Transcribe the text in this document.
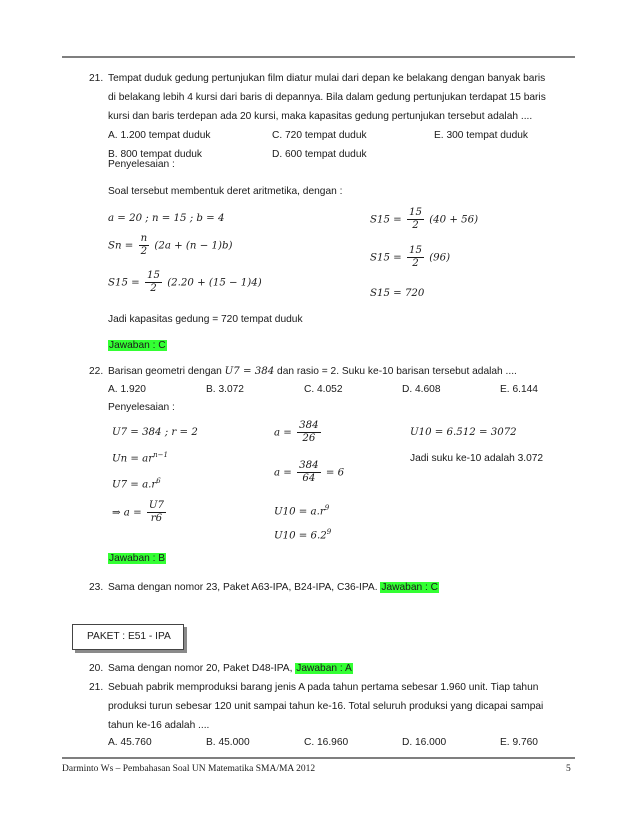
21. Tempat duduk gedung pertunjukan film diatur mulai dari depan ke belakang dengan banyak baris
di belakang lebih 4 kursi dari baris di depannya. Bila dalam gedung pertunjukan terdapat 15 baris
kursi dan baris terdepan ada 20 kursi, maka kapasitas gedung pertunjukan tersebut adalah ....
A. 1.200 tempat duduk	C. 720 tempat duduk	E. 300 tempat duduk
B. 800 tempat duduk	D. 600 tempat duduk
Penyelesaian :
Soal tersebut membentuk deret aritmetika, dengan :
a = 20 ; n = 15 ; b = 4
$Sn = \frac{n}{2} (2a + (n - 1)b)$
$S15 = \frac{15}{2} (2.20 + (15 - 1)4)$
$S15 = \frac{15}{2} (40 + 56)$
$S15 = \frac{15}{2} (96)$
S15 = 720
Jadi kapasitas gedung = 720 tempat duduk
Jawaban : C
22. Barisan geometri dengan U7 = 384 dan rasio = 2. Suku ke-10 barisan tersebut adalah ....
A. 1.920	B. 3.072	C. 4.052	D. 4.608	E. 6.144
Penyelesaian :
U7 = 384 ; r = 2
$Un = ar^{n-1}$
$U7 = a.r^6$
⇒ $a = \frac{U7}{r6}$
$a = \frac{384}{26}$
$a = \frac{384}{64} = 6$
$U10 = a.r^9$
$U10 = 6.2^9$
U10 = 6.512 = 3072
Jadi suku ke-10 adalah 3.072
Jawaban : B
23. Sama dengan nomor 23, Paket A63-IPA, B24-IPA, C36-IPA. Jawaban : C
PAKET : E51 - IPA
20. Sama dengan nomor 20, Paket D48-IPA, Jawaban : A
21. Sebuah pabrik memproduksi barang jenis A pada tahun pertama sebesar 1.960 unit. Tiap tahun
produksi turun sebesar 120 unit sampai tahun ke-16. Total seluruh produksi yang dicapai sampai
tahun ke-16 adalah ....
A. 45.760	B. 45.000	C. 16.960	D. 16.000	E. 9.760
Darminto Ws – Pembahasan Soal UN Matematika SMA/MA 2012	5
